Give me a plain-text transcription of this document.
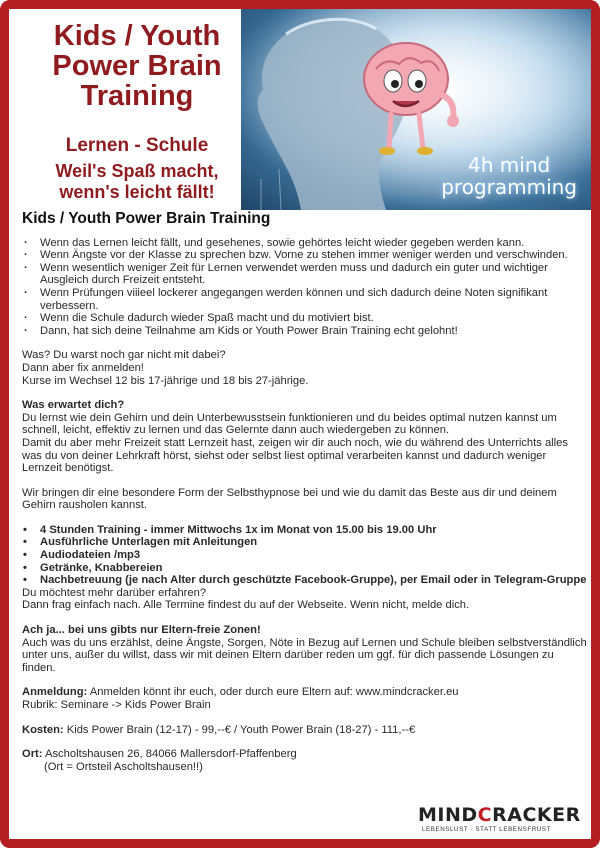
Kids / Youth
Power Brain
Training
Lernen - Schule
Weil's Spaß macht,
wenn's leicht fällt!
4h mind
programming
Kids / Youth Power Brain Training
· Wenn das Lernen leicht fällt, und gesehenes, sowie gehörtes leicht wieder gegeben werden kann.
· Wenn Ängste vor der Klasse zu sprechen bzw. Vorne zu stehen immer weniger werden und verschwinden.
· Wenn wesentlich weniger Zeit für Lernen verwendet werden muss und dadurch ein guter und wichtiger Ausgleich durch Freizeit entsteht.
· Wenn Prüfungen viiieel lockerer angegangen werden können und sich dadurch deine Noten signifikant verbessern.
· Wenn die Schule dadurch wieder Spaß macht und du motiviert bist.
· Dann, hat sich deine Teilnahme am Kids or Youth Power Brain Training echt gelohnt!
Was? Du warst noch gar nicht mit dabei?
Dann aber fix anmelden!
Kurse im Wechsel 12 bis 17-jährige und 18 bis 27-jährige.
Was erwartet dich?
Du lernst wie dein Gehirn und dein Unterbewusstsein funktionieren und du beides optimal nutzen kannst um schnell, leicht, effektiv zu lernen und das Gelernte dann auch wiedergeben zu können.
Damit du aber mehr Freizeit statt Lernzeit hast, zeigen wir dir auch noch, wie du während des Unterrichts alles was du von deiner Lehrkraft hörst, siehst oder selbst liest optimal verarbeiten kannst und dadurch weniger Lernzeit benötigst.
Wir bringen dir eine besondere Form der Selbsthypnose bei und wie du damit das Beste aus dir und deinem Gehirn rausholen kannst.
• 4 Stunden Training - immer Mittwochs 1x im Monat von 15.00 bis 19.00 Uhr
• Ausführliche Unterlagen mit Anleitungen
• Audiodateien /mp3
• Getränke, Knabbereien
• Nachbetreuung (je nach Alter durch geschützte Facebook-Gruppe), per Email oder in Telegram-Gruppe
Du möchtest mehr darüber erfahren?
Dann frag einfach nach. Alle Termine findest du auf der Webseite. Wenn nicht, melde dich.
Ach ja... bei uns gibts nur Eltern-freie Zonen!
Auch was du uns erzählst, deine Ängste, Sorgen, Nöte in Bezug auf Lernen und Schule bleiben selbstverständlich unter uns, außer du willst, dass wir mit deinen Eltern darüber reden um ggf. für dich passende Lösungen zu finden.
Anmeldung: Anmelden könnt ihr euch, oder durch eure Eltern auf: www.mindcracker.eu
Rubrik: Seminare -> Kids Power Brain
Kosten: Kids Power Brain (12-17) - 99,--€ / Youth Power Brain (18-27) - 111,--€
Ort: Ascholtshausen 26, 84066 Mallersdorf-Pfaffenberg
(Ort = Ortsteil Ascholtshausen!!)
MINDCRACKER
LEBENSLUST · STATT LEBENSFRUST
